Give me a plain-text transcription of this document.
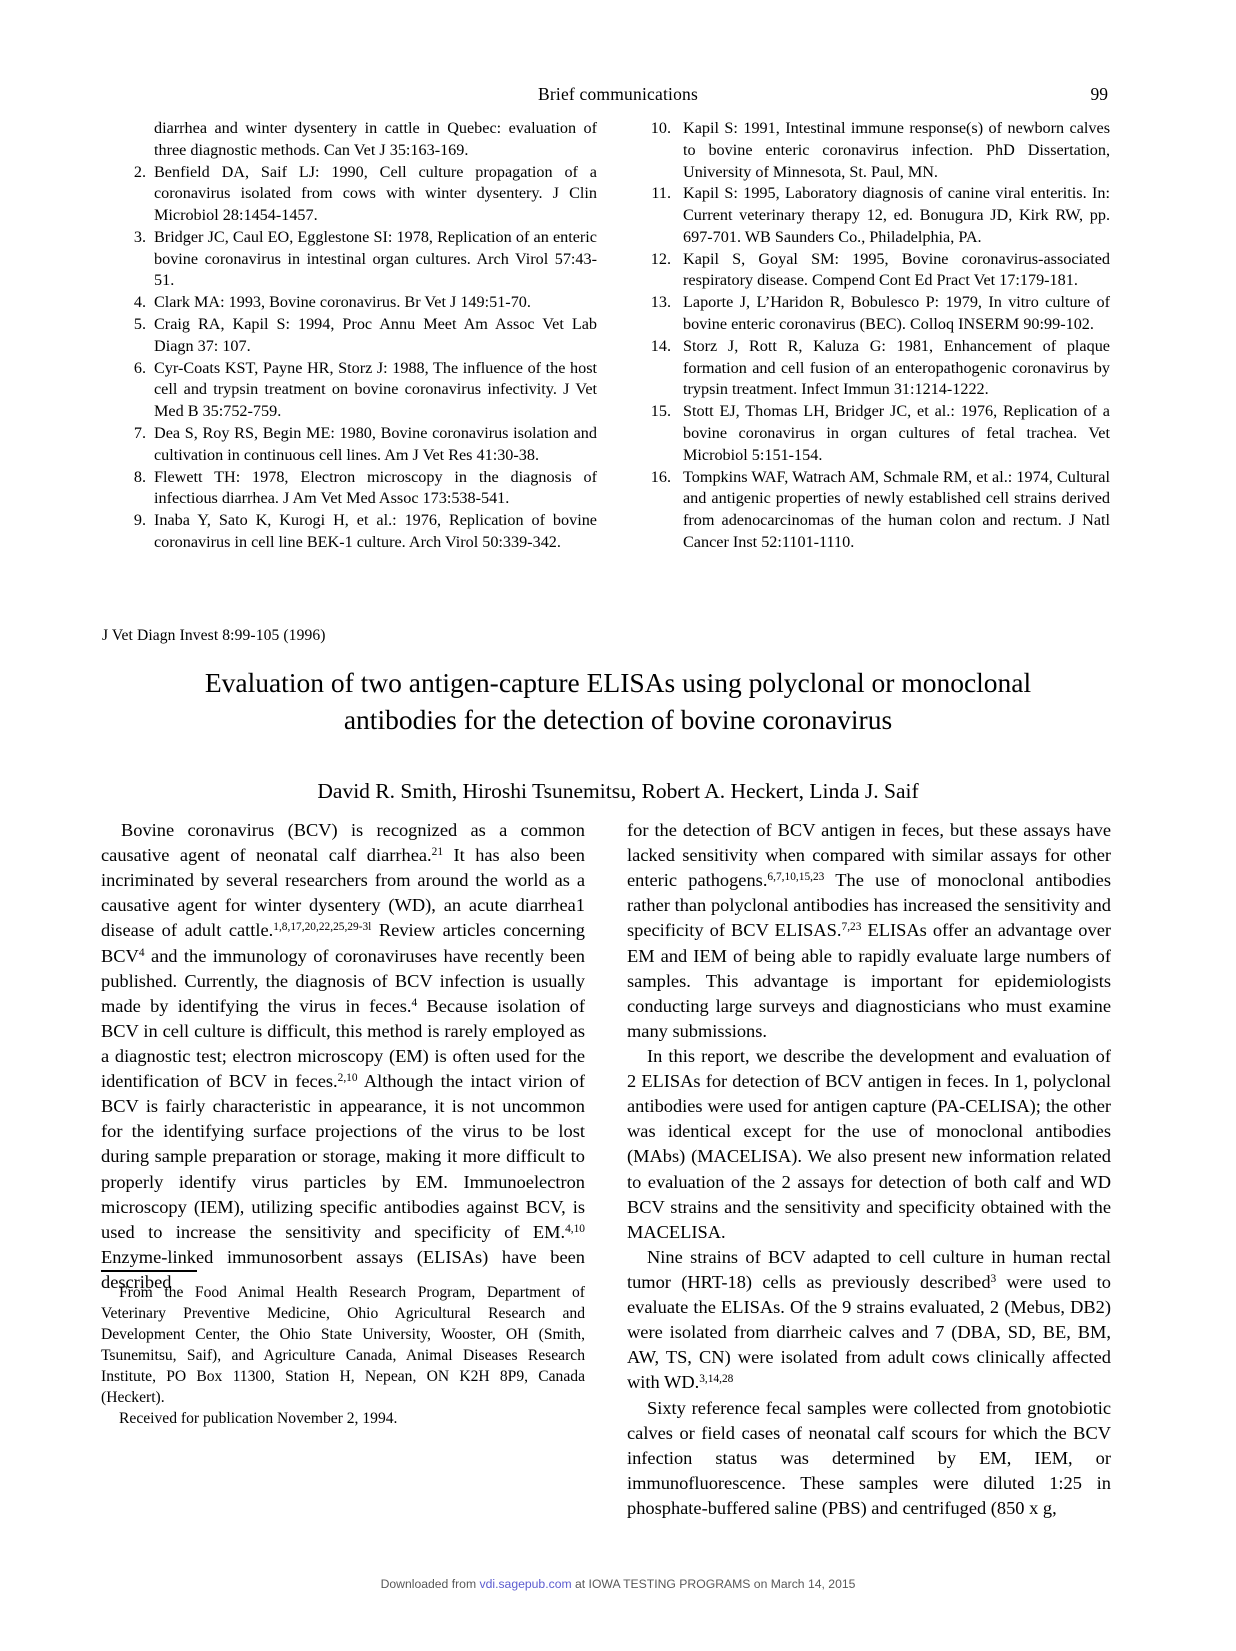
Brief communications	99
diarrhea and winter dysentery in cattle in Quebec: evaluation of three diagnostic methods. Can Vet J 35:163-169.
2. Benfield DA, Saif LJ: 1990, Cell culture propagation of a coronavirus isolated from cows with winter dysentery. J Clin Microbiol 28:1454-1457.
3. Bridger JC, Caul EO, Egglestone SI: 1978, Replication of an enteric bovine coronavirus in intestinal organ cultures. Arch Virol 57:43-51.
4. Clark MA: 1993, Bovine coronavirus. Br Vet J 149:51-70.
5. Craig RA, Kapil S: 1994, Proc Annu Meet Am Assoc Vet Lab Diagn 37: 107.
6. Cyr-Coats KST, Payne HR, Storz J: 1988, The influence of the host cell and trypsin treatment on bovine coronavirus infectivity. J Vet Med B 35:752-759.
7. Dea S, Roy RS, Begin ME: 1980, Bovine coronavirus isolation and cultivation in continuous cell lines. Am J Vet Res 41:30-38.
8. Flewett TH: 1978, Electron microscopy in the diagnosis of infectious diarrhea. J Am Vet Med Assoc 173:538-541.
9. Inaba Y, Sato K, Kurogi H, et al.: 1976, Replication of bovine coronavirus in cell line BEK-1 culture. Arch Virol 50:339-342.
10. Kapil S: 1991, Intestinal immune response(s) of newborn calves to bovine enteric coronavirus infection. PhD Dissertation, University of Minnesota, St. Paul, MN.
11. Kapil S: 1995, Laboratory diagnosis of canine viral enteritis. In: Current veterinary therapy 12, ed. Bonugura JD, Kirk RW, pp. 697-701. WB Saunders Co., Philadelphia, PA.
12. Kapil S, Goyal SM: 1995, Bovine coronavirus-associated respiratory disease. Compend Cont Ed Pract Vet 17:179-181.
13. Laporte J, L’Haridon R, Bobulesco P: 1979, In vitro culture of bovine enteric coronavirus (BEC). Colloq INSERM 90:99-102.
14. Storz J, Rott R, Kaluza G: 1981, Enhancement of plaque formation and cell fusion of an enteropathogenic coronavirus by trypsin treatment. Infect Immun 31:1214-1222.
15. Stott EJ, Thomas LH, Bridger JC, et al.: 1976, Replication of a bovine coronavirus in organ cultures of fetal trachea. Vet Microbiol 5:151-154.
16. Tompkins WAF, Watrach AM, Schmale RM, et al.: 1974, Cultural and antigenic properties of newly established cell strains derived from adenocarcinomas of the human colon and rectum. J Natl Cancer Inst 52:1101-1110.
J Vet Diagn Invest 8:99-105 (1996)
Evaluation of two antigen-capture ELISAs using polyclonal or monoclonal
antibodies for the detection of bovine coronavirus
David R. Smith, Hiroshi Tsunemitsu, Robert A. Heckert, Linda J. Saif

Bovine coronavirus (BCV) is recognized as a common causative agent of neonatal calf diarrhea.$^{21}$ It has also been incriminated by several researchers from around the world as a causative agent for winter dysentery (WD), an acute diarrhea1 disease of adult cattle.$^{1,8,17,20,22,25,29-3l}$ Review articles concerning BCV$^4$ and the immunology of coronaviruses have recently been published. Currently, the diagnosis of BCV infection is usually made by identifying the virus in feces.$^4$ Because isolation of BCV in cell culture is difficult, this method is rarely employed as a diagnostic test; electron microscopy (EM) is often used for the identification of BCV in feces.$^{2,10}$ Although the intact virion of BCV is fairly characteristic in appearance, it is not uncommon for the identifying surface projections of the virus to be lost during sample preparation or storage, making it more difficult to properly identify virus particles by EM. Immunoelectron microscopy (IEM), utilizing specific antibodies against BCV, is used to increase the sensitivity and specificity of EM.$^{4,10}$ Enzyme-linked immunosorbent assays (ELISAs) have been described

From the Food Animal Health Research Program, Department of Veterinary Preventive Medicine, Ohio Agricultural Research and Development Center, the Ohio State University, Wooster, OH (Smith, Tsunemitsu, Saif), and Agriculture Canada, Animal Diseases Research Institute, PO Box 11300, Station H, Nepean, ON K2H 8P9, Canada (Heckert).

Received for publication November 2, 1994.

for the detection of BCV antigen in feces, but these assays have lacked sensitivity when compared with similar assays for other enteric pathogens.$^{6,7,10,15,23}$ The use of monoclonal antibodies rather than polyclonal antibodies has increased the sensitivity and specificity of BCV ELISAS.$^{7,23}$ ELISAs offer an advantage over EM and IEM of being able to rapidly evaluate large numbers of samples. This advantage is important for epidemiologists conducting large surveys and diagnosticians who must examine many submissions.

In this report, we describe the development and evaluation of 2 ELISAs for detection of BCV antigen in feces. In 1, polyclonal antibodies were used for antigen capture (PA-CELISA); the other was identical except for the use of monoclonal antibodies (MAbs) (MACELISA). We also present new information related to evaluation of the 2 assays for detection of both calf and WD BCV strains and the sensitivity and specificity obtained with the MACELISA.

Nine strains of BCV adapted to cell culture in human rectal tumor (HRT-18) cells as previously described$^3$ were used to evaluate the ELISAs. Of the 9 strains evaluated, 2 (Mebus, DB2) were isolated from diarrheic calves and 7 (DBA, SD, BE, BM, AW, TS, CN) were isolated from adult cows clinically affected with WD.$^{3,14,28}$

Sixty reference fecal samples were collected from gnotobiotic calves or field cases of neonatal calf scours for which the BCV infection status was determined by EM, IEM, or immunofluorescence. These samples were diluted 1:25 in phosphate-buffered saline (PBS) and centrifuged (850 x g,

Downloaded from vdi.sagepub.com at IOWA TESTING PROGRAMS on March 14, 2015
